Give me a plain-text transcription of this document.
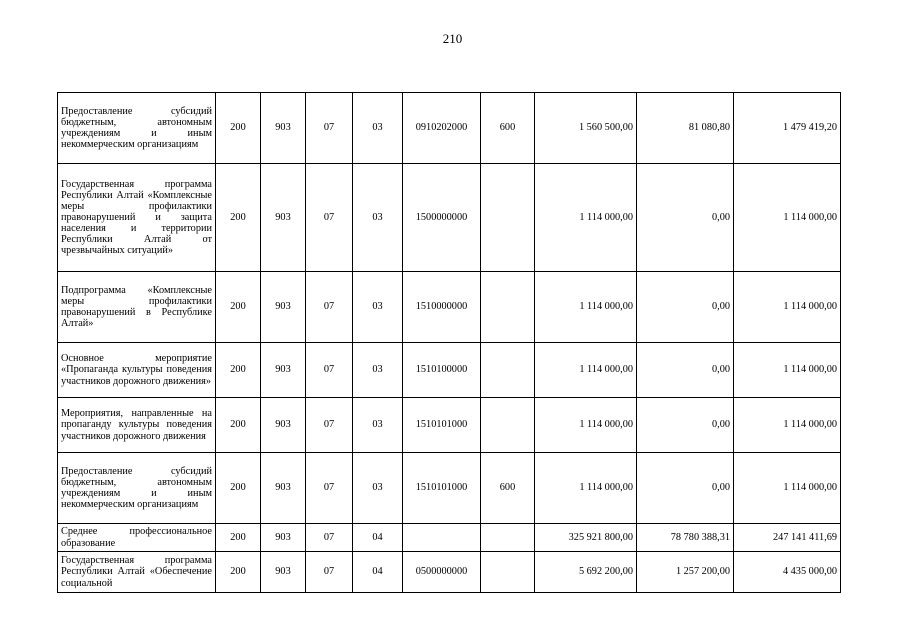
210
Предоставление субсидий бюджетным, автономным учреждениям и иным некоммерческим организациям	200	903	07	03	0910202000	600	1 560 500,00	81 080,80	1 479 419,20
Государственная программа Республики Алтай «Комплексные меры профилактики правонарушений и защита населения и территории Республики Алтай от чрезвычайных ситуаций»	200	903	07	03	1500000000		1 114 000,00	0,00	1 114 000,00
Подпрограмма «Комплексные меры профилактики правонарушений в Республике Алтай»	200	903	07	03	1510000000		1 114 000,00	0,00	1 114 000,00
Основное мероприятие «Пропаганда культуры поведения участников дорожного движения»	200	903	07	03	1510100000		1 114 000,00	0,00	1 114 000,00
Мероприятия, направленные на пропаганду культуры поведения участников дорожного движения	200	903	07	03	1510101000		1 114 000,00	0,00	1 114 000,00
Предоставление субсидий бюджетным, автономным учреждениям и иным некоммерческим организациям	200	903	07	03	1510101000	600	1 114 000,00	0,00	1 114 000,00
Среднее профессиональное образование	200	903	07	04			325 921 800,00	78 780 388,31	247 141 411,69
Государственная программа Республики Алтай «Обеспечение социальной	200	903	07	04	0500000000		5 692 200,00	1 257 200,00	4 435 000,00
